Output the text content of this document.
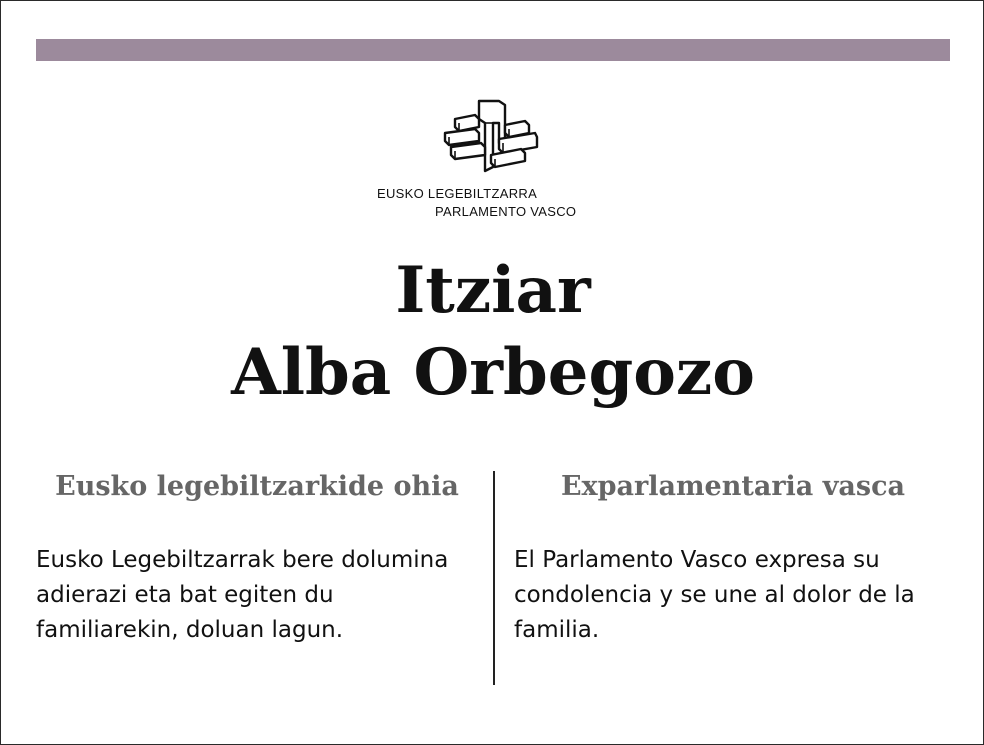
EUSKO LEGEBILTZARRA
PARLAMENTO VASCO
Itziar
Alba Orbegozo
Eusko legebiltzarkide ohia	Exparlamentaria vasca
Eusko Legebiltzarrak bere dolumina adierazi eta bat egiten du familiarekin, doluan lagun.
El Parlamento Vasco expresa su condolencia y se une al dolor de la familia.
